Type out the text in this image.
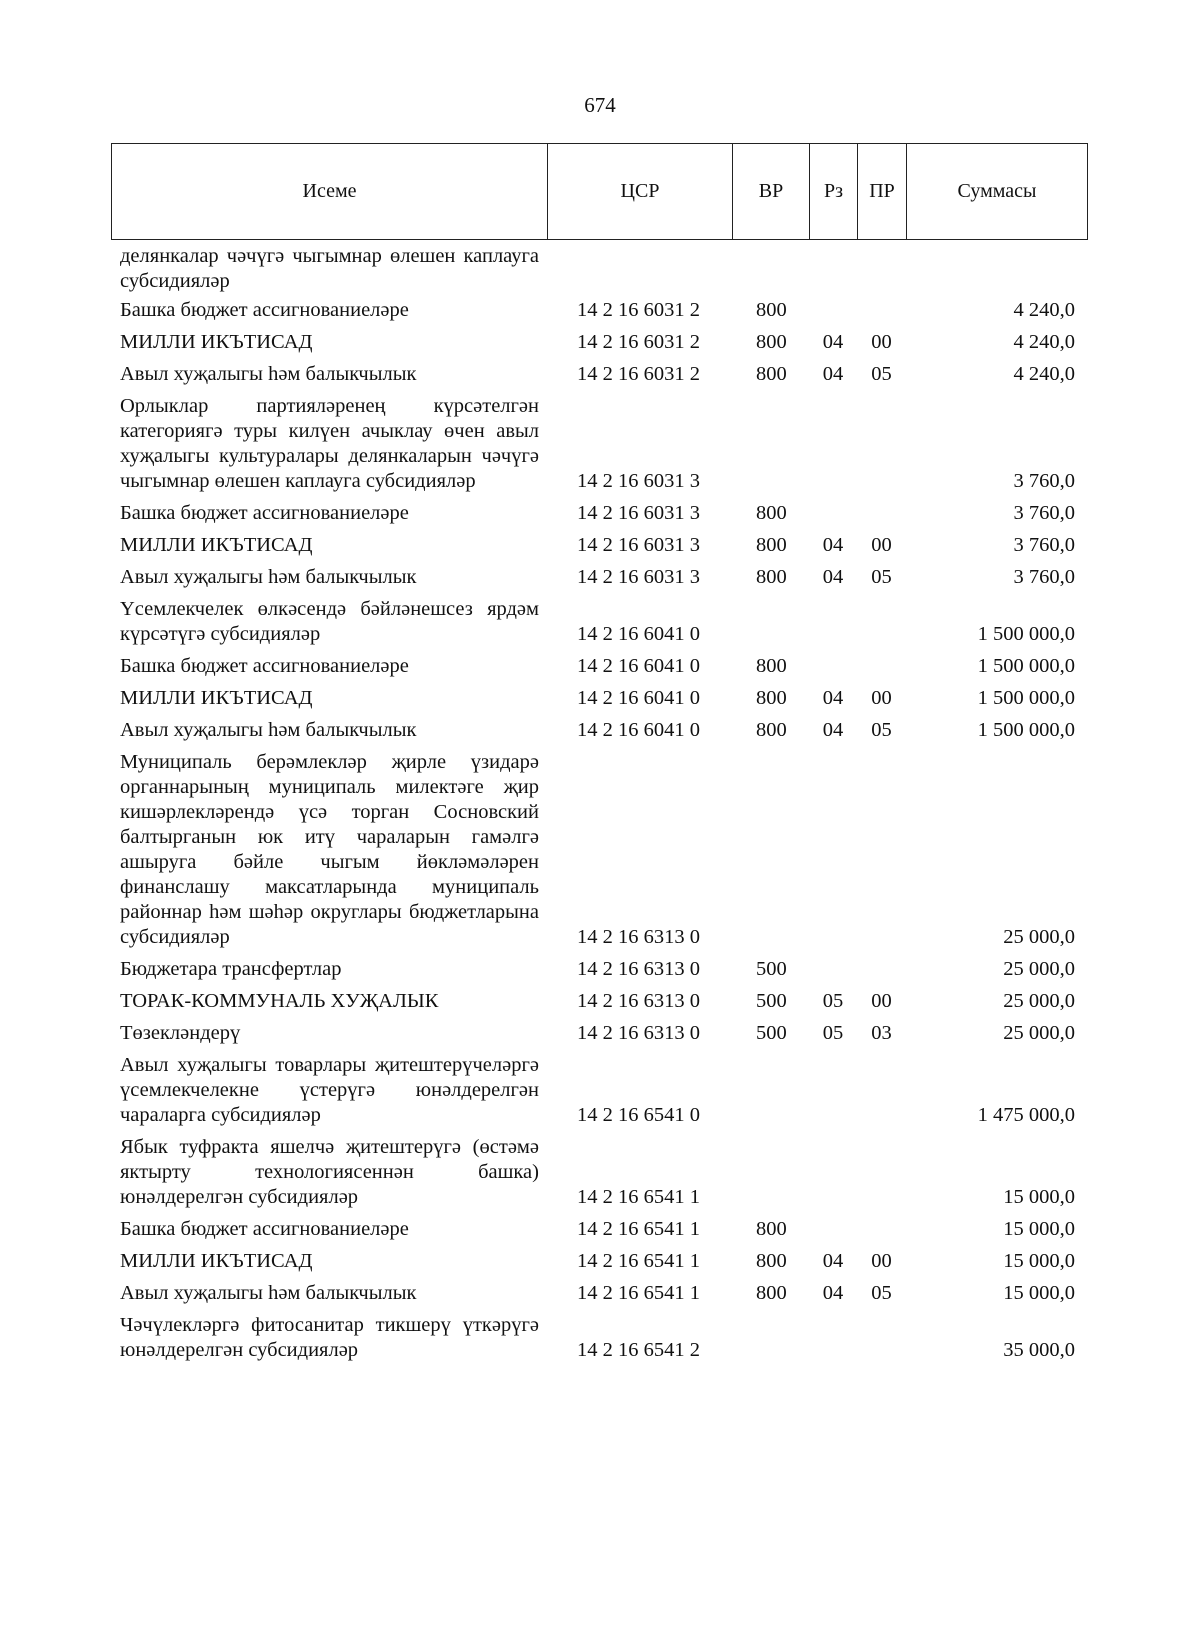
674
Исеме	ЦСР	ВР	Рз	ПР	Суммасы
делянкалар чәчүгә чыгымнар өлешен каплауга субсидияләр					
Башка бюджет ассигнованиеләре	14 2 16 6031 2	800			4 240,0
МИЛЛИ ИКЪТИСАД	14 2 16 6031 2	800	04	00	4 240,0
Авыл хуҗалыгы һәм балыкчылык	14 2 16 6031 2	800	04	05	4 240,0
Орлыклар партияләренең күрсәтелгән категориягә туры килүен ачыклау өчен авыл хуҗалыгы культуралары делянкаларын чәчүгә чыгымнар өлешен каплауга субсидияләр	14 2 16 6031 3				3 760,0
Башка бюджет ассигнованиеләре	14 2 16 6031 3	800			3 760,0
МИЛЛИ ИКЪТИСАД	14 2 16 6031 3	800	04	00	3 760,0
Авыл хуҗалыгы һәм балыкчылык	14 2 16 6031 3	800	04	05	3 760,0
Үсемлекчелек өлкәсендә бәйләнешсез ярдәм күрсәтүгә субсидияләр	14 2 16 6041 0				1 500 000,0
Башка бюджет ассигнованиеләре	14 2 16 6041 0	800			1 500 000,0
МИЛЛИ ИКЪТИСАД	14 2 16 6041 0	800	04	00	1 500 000,0
Авыл хуҗалыгы һәм балыкчылык	14 2 16 6041 0	800	04	05	1 500 000,0
Муниципаль берәмлекләр җирле үзидарә органнарының муниципаль милектәге җир кишәрлекләрендә үсә торган Сосновский балтырганын юк итү чараларын гамәлгә ашыруга бәйле чыгым йөкләмәләрен финанслашу максатларында муниципаль районнар һәм шәһәр округлары бюджетларына субсидияләр	14 2 16 6313 0				25 000,0
Бюджетара трансфертлар	14 2 16 6313 0	500			25 000,0
ТОРАК-КОММУНАЛЬ ХУҖАЛЫК	14 2 16 6313 0	500	05	00	25 000,0
Төзекләндерү	14 2 16 6313 0	500	05	03	25 000,0
Авыл хуҗалыгы товарлары җитештерүчеләргә үсемлекчелекне үстерүгә юнәлдерелгән чараларга субсидияләр	14 2 16 6541 0				1 475 000,0
Ябык туфракта яшелчә җитештерүгә (өстәмә яктырту технологиясеннән башка) юнәлдерелгән субсидияләр	14 2 16 6541 1				15 000,0
Башка бюджет ассигнованиеләре	14 2 16 6541 1	800			15 000,0
МИЛЛИ ИКЪТИСАД	14 2 16 6541 1	800	04	00	15 000,0
Авыл хуҗалыгы һәм балыкчылык	14 2 16 6541 1	800	04	05	15 000,0
Чәчүлекләргә фитосанитар тикшерү үткәрүгә юнәлдерелгән субсидияләр	14 2 16 6541 2				35 000,0
